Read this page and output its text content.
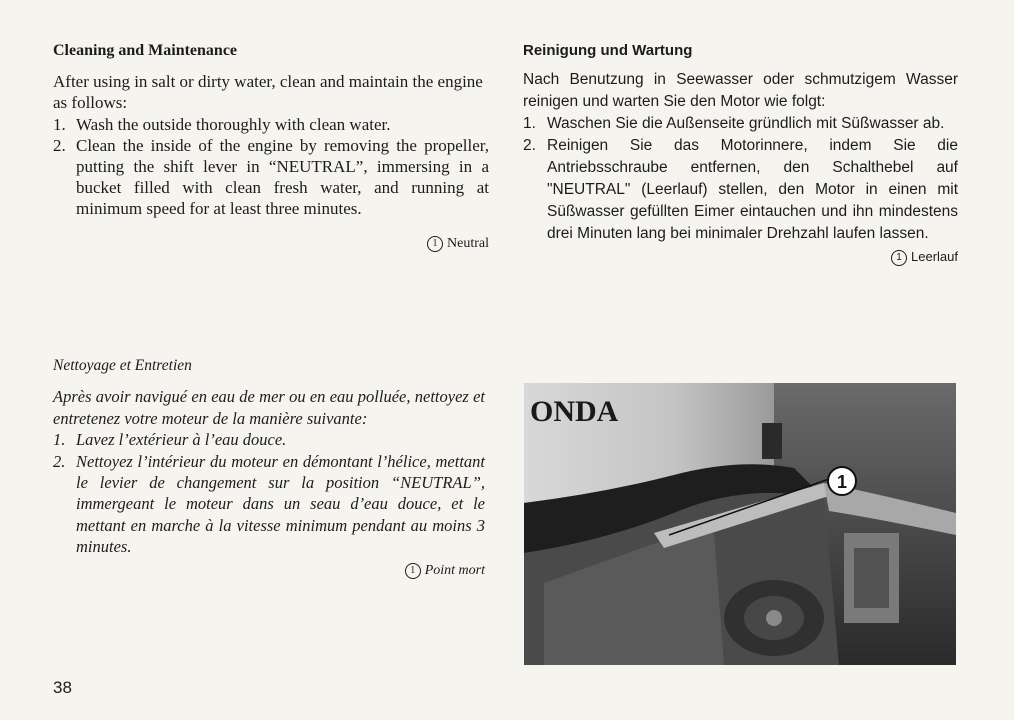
Cleaning and Maintenance

After using in salt or dirty water, clean and maintain the engine as follows:

1. Wash the outside thoroughly with clean water.
2. Clean the inside of the engine by removing the propeller, putting the shift lever in “NEUTRAL”, immersing in a bucket filled with clean fresh water, and running at minimum speed for at least three minutes.
1 Neutral
Reinigung und Wartung

Nach Benutzung in Seewasser oder schmutzigem Wasser reinigen und warten Sie den Motor wie folgt:

1. Waschen Sie die Außenseite gründlich mit Süßwasser ab.
2. Reinigen Sie das Motorinnere, indem Sie die Antriebsschraube entfernen, den Schalthebel auf "NEUTRAL" (Leerlauf) stellen, den Motor in einen mit Süßwasser gefüllten Eimer eintauchen und ihn mindestens drei Minuten lang bei minimaler Drehzahl laufen lassen.
1 Leerlauf
Nettoyage et Entretien

Après avoir navigué en eau de mer ou en eau polluée, nettoyez et entretenez votre moteur de la manière suivante:

1. Lavez l’extérieur à l’eau douce.
2. Nettoyez l’intérieur du moteur en démontant l’hélice, mettant le levier de changement sur la position “NEUTRAL”, immergeant le moteur dans un seau d’eau douce, et le mettant en marche à la vitesse minimum pendant au moins 3 minutes.
1 Point mort
ONDA
1
38
